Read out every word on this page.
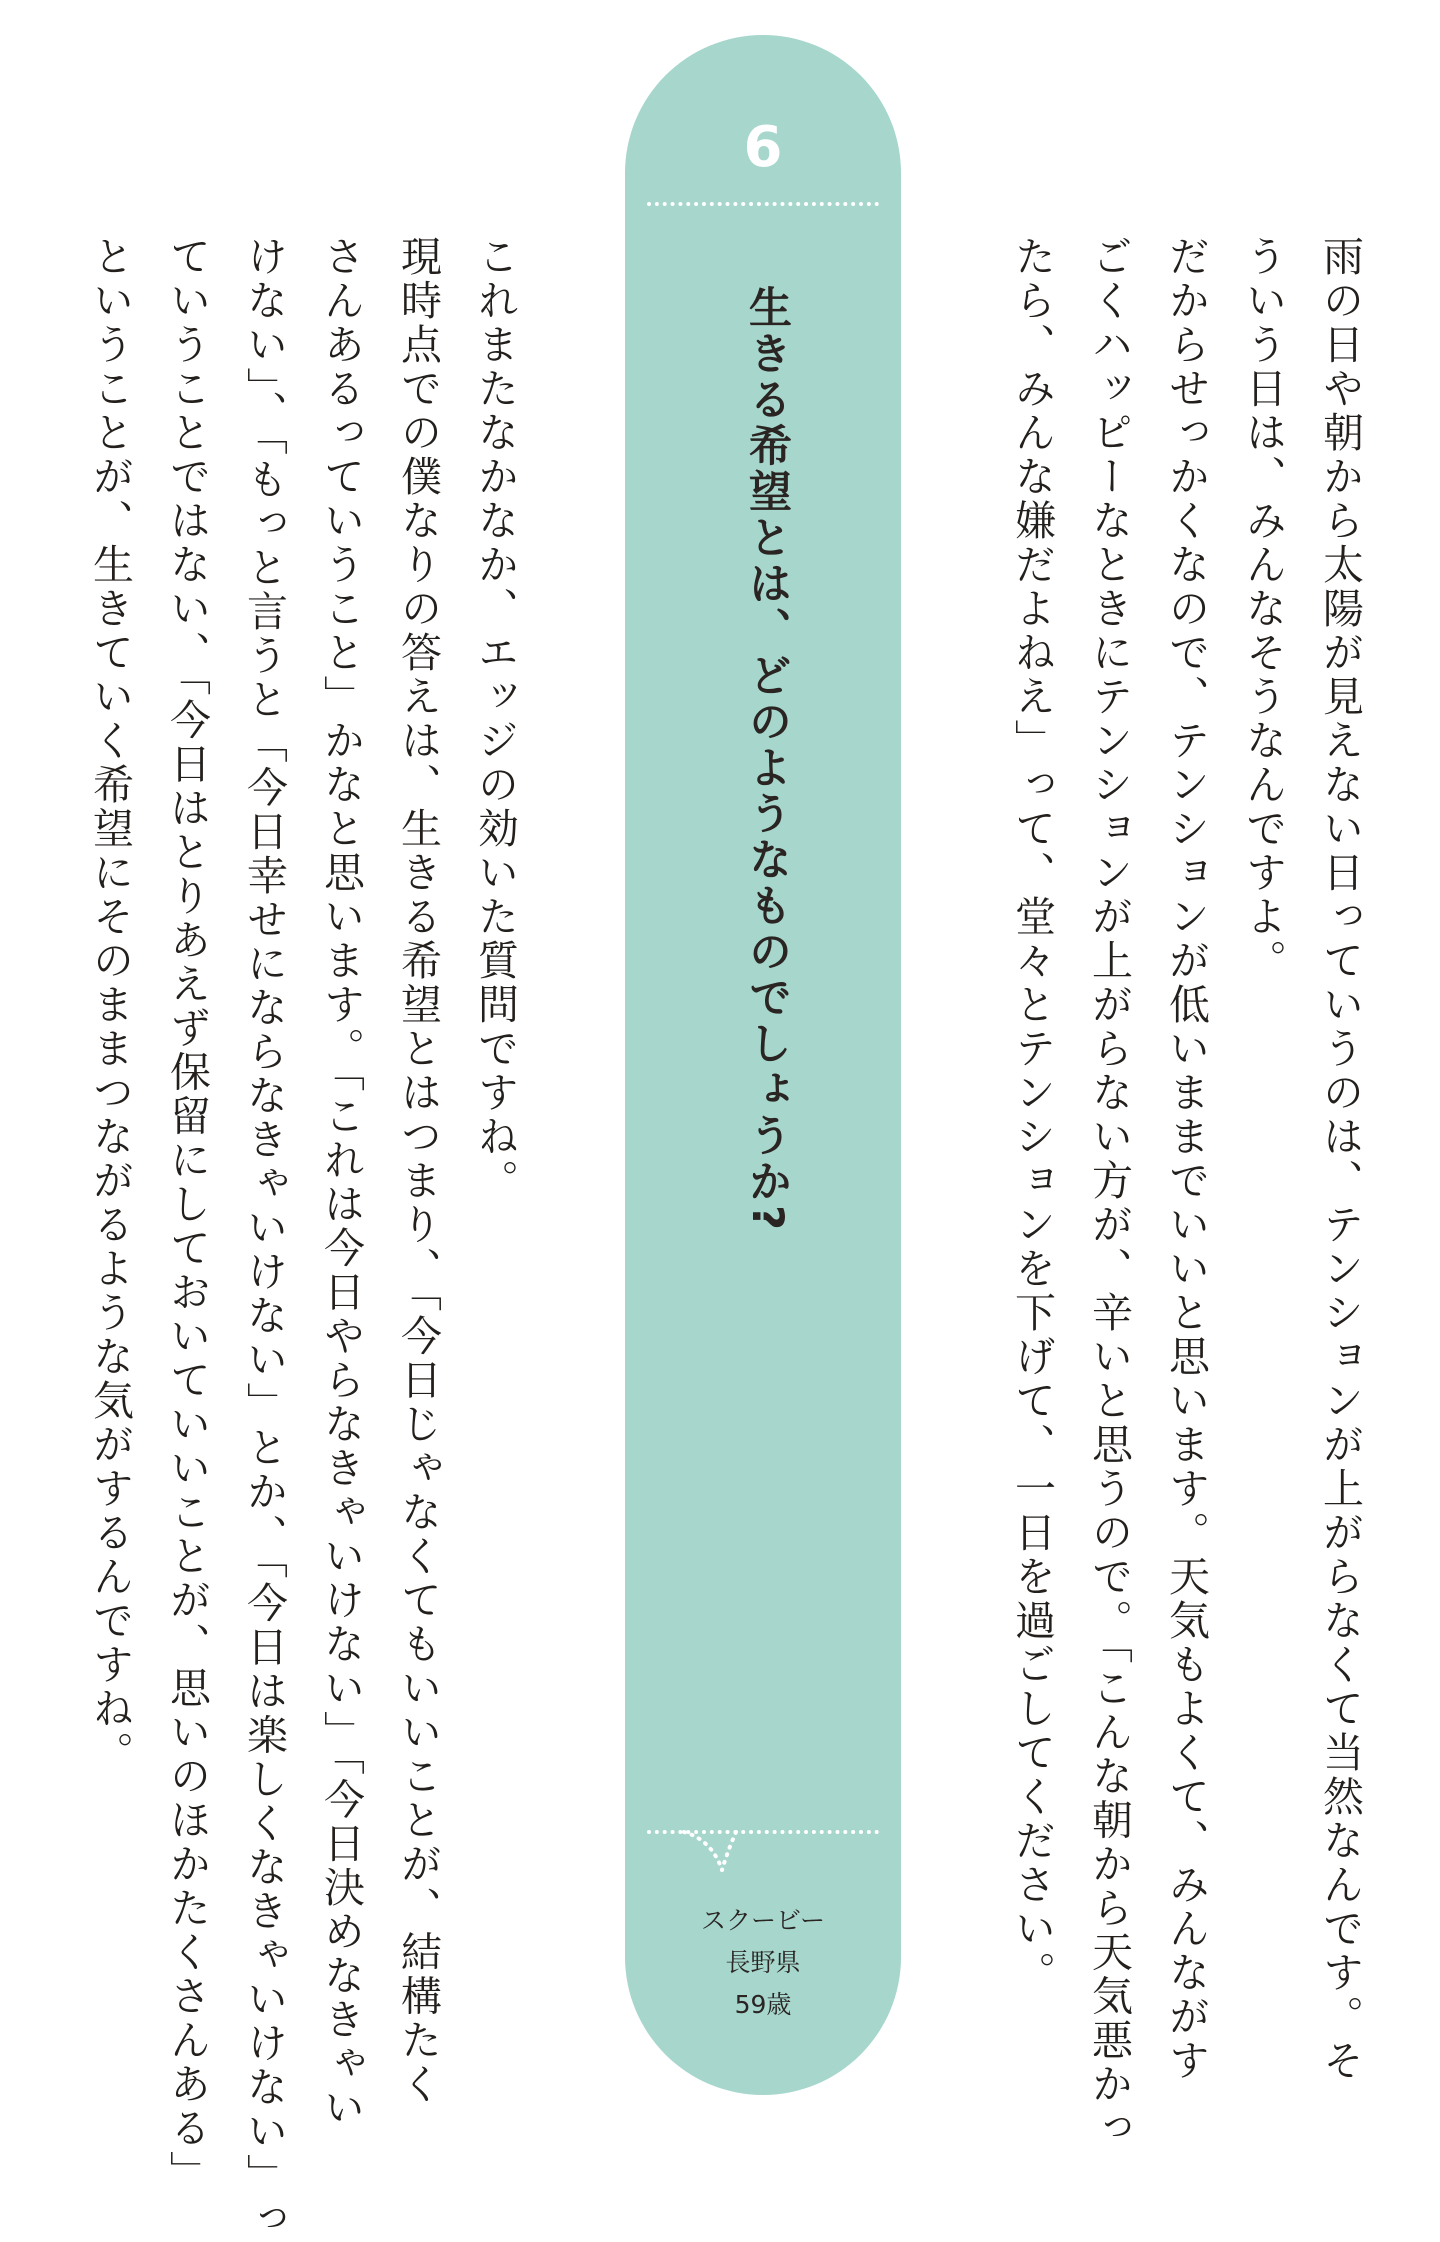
雨の日や朝から太陽が見えない日っていうのは、テンションが上がらなくて当然なんです。そ
ういう日は、みんなそうなんですよ。
だからせっかくなので、テンションが低いままでいいと思います。天気もよくて、みんながす
ごくハッピーなときにテンションが上がらない方が、辛いと思うので。「こんな朝から天気悪かっ
たら、みんな嫌だよねえ」って、堂々とテンションを下げて、一日を過ごしてください。
6
生きる希望とは、どのようなものでしょうか?
スクービー
長野県
59歳
これまたなかなか、エッジの効いた質問ですね。
現時点での僕なりの答えは、生きる希望とはつまり、「今日じゃなくてもいいことが、結構たく
さんあるっていうこと」かなと思います。「これは今日やらなきゃいけない」「今日決めなきゃい
けない」、「もっと言うと「今日幸せにならなきゃいけない」とか、「今日は楽しくなきゃいけない」っ
ていうことではない、「今日はとりあえず保留にしておいていいことが、思いのほかたくさんある」
ということが、生きていく希望にそのままつながるような気がするんですね。
